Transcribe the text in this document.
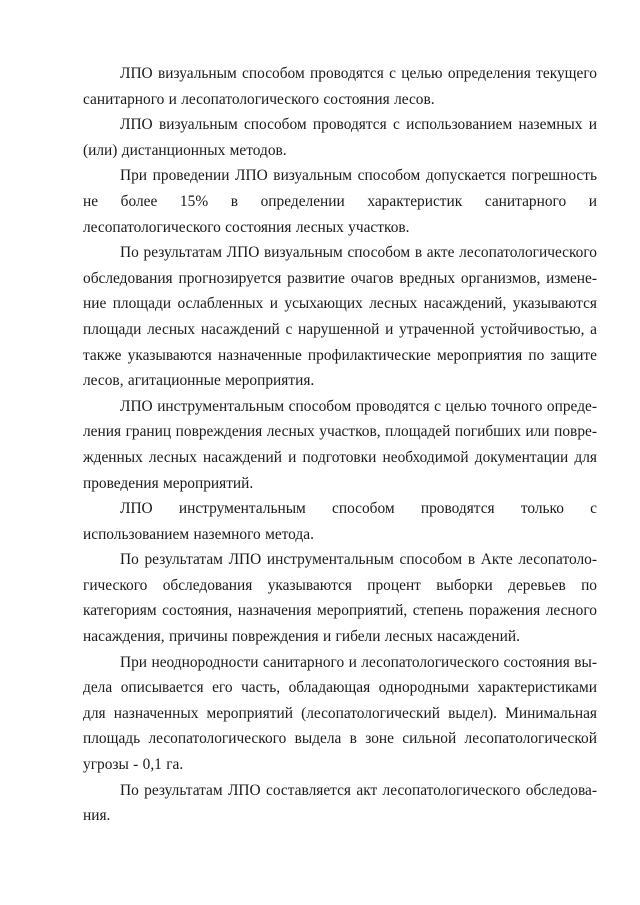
ЛПО визуальным способом проводятся с целью определения текущего санитарного и лесопатологического состояния лесов.

ЛПО визуальным способом проводятся с использованием наземных и (или) дистанционных методов.

При проведении ЛПО визуальным способом допускается погрешность не более 15% в определении характеристик санитарного и лесопатологического состояния лесных участков.

По результатам ЛПО визуальным способом в акте лесопатологического обследования прогнозируется развитие очагов вредных организмов, изменение площади ослабленных и усыхающих лесных насаждений, указываются площади лесных насаждений с нарушенной и утраченной устойчивостью, а также указываются назначенные профилактические мероприятия по защите лесов, агитационные мероприятия.

ЛПО инструментальным способом проводятся с целью точного определения границ повреждения лесных участков, площадей погибших или поврежденных лесных насаждений и подготовки необходимой документации для проведения мероприятий.

ЛПО инструментальным способом проводятся только с использованием наземного метода.

По результатам ЛПО инструментальным способом в Акте лесопатологического обследования указываются процент выборки деревьев по категориям состояния, назначения мероприятий, степень поражения лесного насаждения, причины повреждения и гибели лесных насаждений.

При неоднородности санитарного и лесопатологического состояния выдела описывается его часть, обладающая однородными характеристиками для назначенных мероприятий (лесопатологический выдел). Минимальная площадь лесопатологического выдела в зоне сильной лесопатологической угрозы - 0,1 га.

По результатам ЛПО составляется акт лесопатологического обследования.
